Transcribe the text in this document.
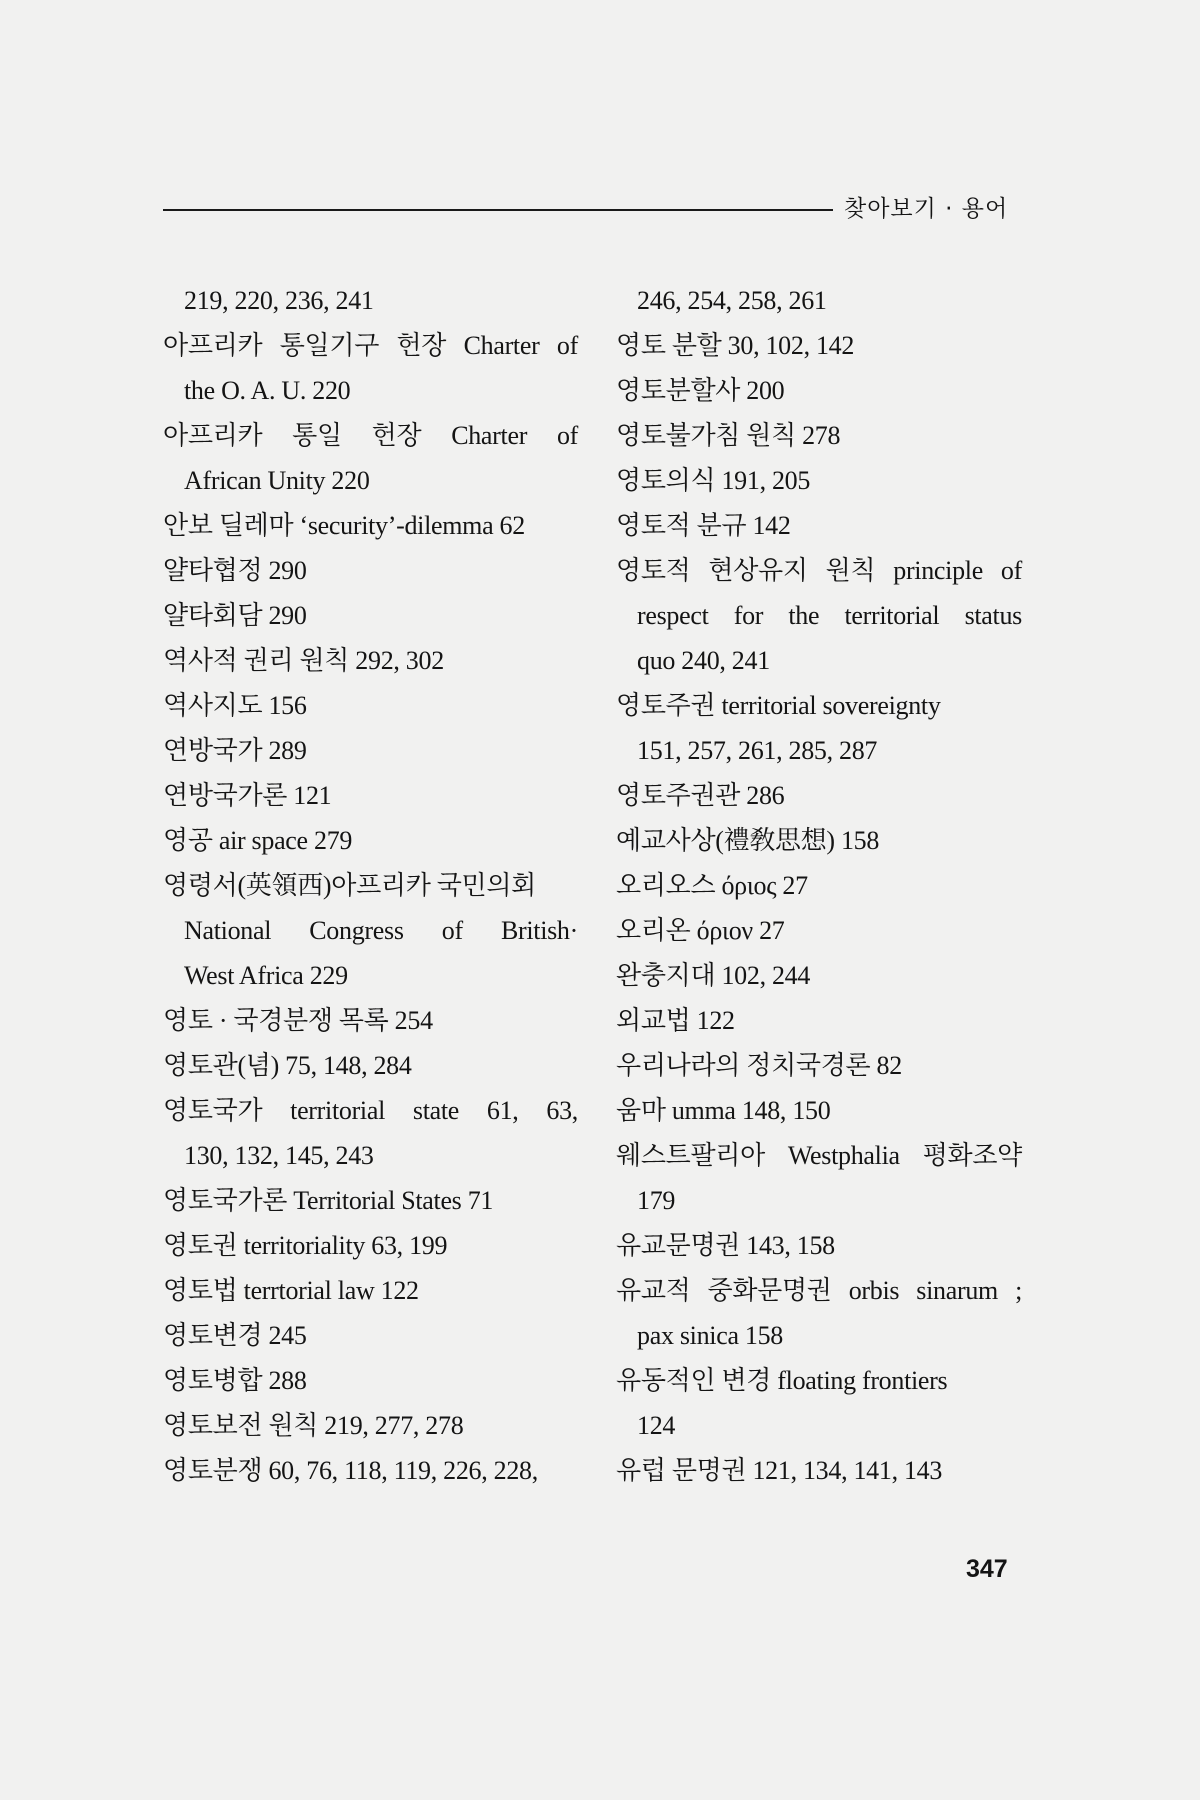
찾아보기 · 용어
219, 220, 236, 241
아프리카 통일기구 헌장 Charter of
the O. A. U. 220
아프리카 통일 헌장 Charter of
African Unity 220
안보 딜레마 ‘security’-dilemma 62
얄타협정 290
얄타회담 290
역사적 권리 원칙 292, 302
역사지도 156
연방국가 289
연방국가론 121
영공 air space 279
영령서(英領西)아프리카 국민의회
National Congress of British·
West Africa 229
영토 · 국경분쟁 목록 254
영토관(념) 75, 148, 284
영토국가 territorial state 61, 63,
130, 132, 145, 243
영토국가론 Territorial States 71
영토권 territoriality 63, 199
영토법 terrtorial law 122
영토변경 245
영토병합 288
영토보전 원칙 219, 277, 278
영토분쟁 60, 76, 118, 119, 226, 228,
246, 254, 258, 261
영토 분할 30, 102, 142
영토분할사 200
영토불가침 원칙 278
영토의식 191, 205
영토적 분규 142
영토적 현상유지 원칙 principle of
respect for the territorial status
quo 240, 241
영토주권 territorial sovereignty
151, 257, 261, 285, 287
영토주권관 286
예교사상(禮敎思想) 158
오리오스 όριος 27
오리온 όριον 27
완충지대 102, 244
외교법 122
우리나라의 정치국경론 82
움마 umma 148, 150
웨스트팔리아 Westphalia 평화조약
179
유교문명권 143, 158
유교적 중화문명권 orbis sinarum ;
pax sinica 158
유동적인 변경 floating frontiers
124
유럽 문명권 121, 134, 141, 143
347
